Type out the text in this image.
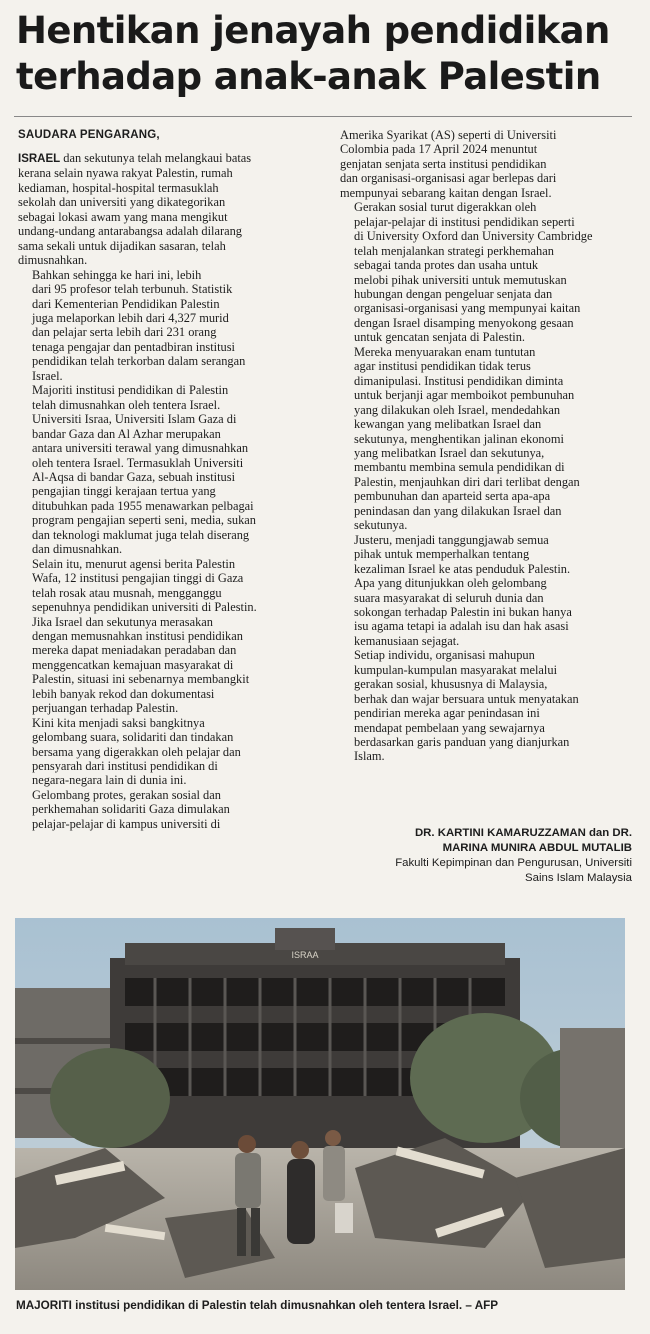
Hentikan jenayah pendidikan
terhadap anak-anak Palestin
SAUDARA PENGARANG,

ISRAEL dan sekutunya telah melangkaui batas
kerana selain nyawa rakyat Palestin, rumah
kediaman, hospital-hospital termasuklah
sekolah dan universiti yang dikategorikan
sebagai lokasi awam yang mana mengikut
undang-undang antarabangsa adalah dilarang
sama sekali untuk dijadikan sasaran, telah
dimusnahkan.

Bahkan sehingga ke hari ini, lebih
dari 95 profesor telah terbunuh. Statistik
dari Kementerian Pendidikan Palestin
juga melaporkan lebih dari 4,327 murid
dan pelajar serta lebih dari 231 orang
tenaga pengajar dan pentadbiran institusi
pendidikan telah terkorban dalam serangan
Israel.

Majoriti institusi pendidikan di Palestin
telah dimusnahkan oleh tentera Israel.
Universiti Israa, Universiti Islam Gaza di
bandar Gaza dan Al Azhar merupakan
antara universiti terawal yang dimusnahkan
oleh tentera Israel. Termasuklah Universiti
Al-Aqsa di bandar Gaza, sebuah institusi
pengajian tinggi kerajaan tertua yang
ditubuhkan pada 1955 menawarkan pelbagai
program pengajian seperti seni, media, sukan
dan teknologi maklumat juga telah diserang
dan dimusnahkan.

Selain itu, menurut agensi berita Palestin
Wafa, 12 institusi pengajian tinggi di Gaza
telah rosak atau musnah, mengganggu
sepenuhnya pendidikan universiti di Palestin.

Jika Israel dan sekutunya merasakan
dengan memusnahkan institusi pendidikan
mereka dapat meniadakan peradaban dan
menggencatkan kemajuan masyarakat di
Palestin, situasi ini sebenarnya membangkit
lebih banyak rekod dan dokumentasi
perjuangan terhadap Palestin.

Kini kita menjadi saksi bangkitnya
gelombang suara, solidariti dan tindakan
bersama yang digerakkan oleh pelajar dan
pensyarah dari institusi pendidikan di
negara-negara lain di dunia ini.

Gelombang protes, gerakan sosial dan
perkhemahan solidariti Gaza dimulakan
pelajar-pelajar di kampus universiti di

Amerika Syarikat (AS) seperti di Universiti
Colombia pada 17 April 2024 menuntut
genjatan senjata serta institusi pendidikan
dan organisasi-organisasi agar berlepas dari
mempunyai sebarang kaitan dengan Israel.

Gerakan sosial turut digerakkan oleh
pelajar-pelajar di institusi pendidikan seperti
di University Oxford dan University Cambridge
telah menjalankan strategi perkhemahan
sebagai tanda protes dan usaha untuk
melobi pihak universiti untuk memutuskan
hubungan dengan pengeluar senjata dan
organisasi-organisasi yang mempunyai kaitan
dengan Israel disamping menyokong gesaan
untuk gencatan senjata di Palestin.

Mereka menyuarakan enam tuntutan
agar institusi pendidikan tidak terus
dimanipulasi. Institusi pendidikan diminta
untuk berjanji agar memboikot pembunuhan
yang dilakukan oleh Israel, mendedahkan
kewangan yang melibatkan Israel dan
sekutunya, menghentikan jalinan ekonomi
yang melibatkan Israel dan sekutunya,
membantu membina semula pendidikan di
Palestin, menjauhkan diri dari terlibat dengan
pembunuhan dan aparteid serta apa-apa
penindasan dan yang dilakukan Israel dan
sekutunya.

Justeru, menjadi tanggungjawab semua
pihak untuk memperhalkan tentang
kezaliman Israel ke atas penduduk Palestin.
Apa yang ditunjukkan oleh gelombang
suara masyarakat di seluruh dunia dan
sokongan terhadap Palestin ini bukan hanya
isu agama tetapi ia adalah isu dan hak asasi
kemanusiaan sejagat.

Setiap individu, organisasi mahupun
kumpulan-kumpulan masyarakat melalui
gerakan sosial, khususnya di Malaysia,
berhak dan wajar bersuara untuk menyatakan
pendirian mereka agar penindasan ini
mendapat pembelaan yang sewajarnya
berdasarkan garis panduan yang dianjurkan
Islam.

DR. KARTINI KAMARUZZAMAN dan DR.
MARINA MUNIRA ABDUL MUTALIB
Fakulti Kepimpinan dan Pengurusan, Universiti
Sains Islam Malaysia
ISRAA
MAJORITI institusi pendidikan di Palestin telah dimusnahkan oleh tentera Israel. – AFP
